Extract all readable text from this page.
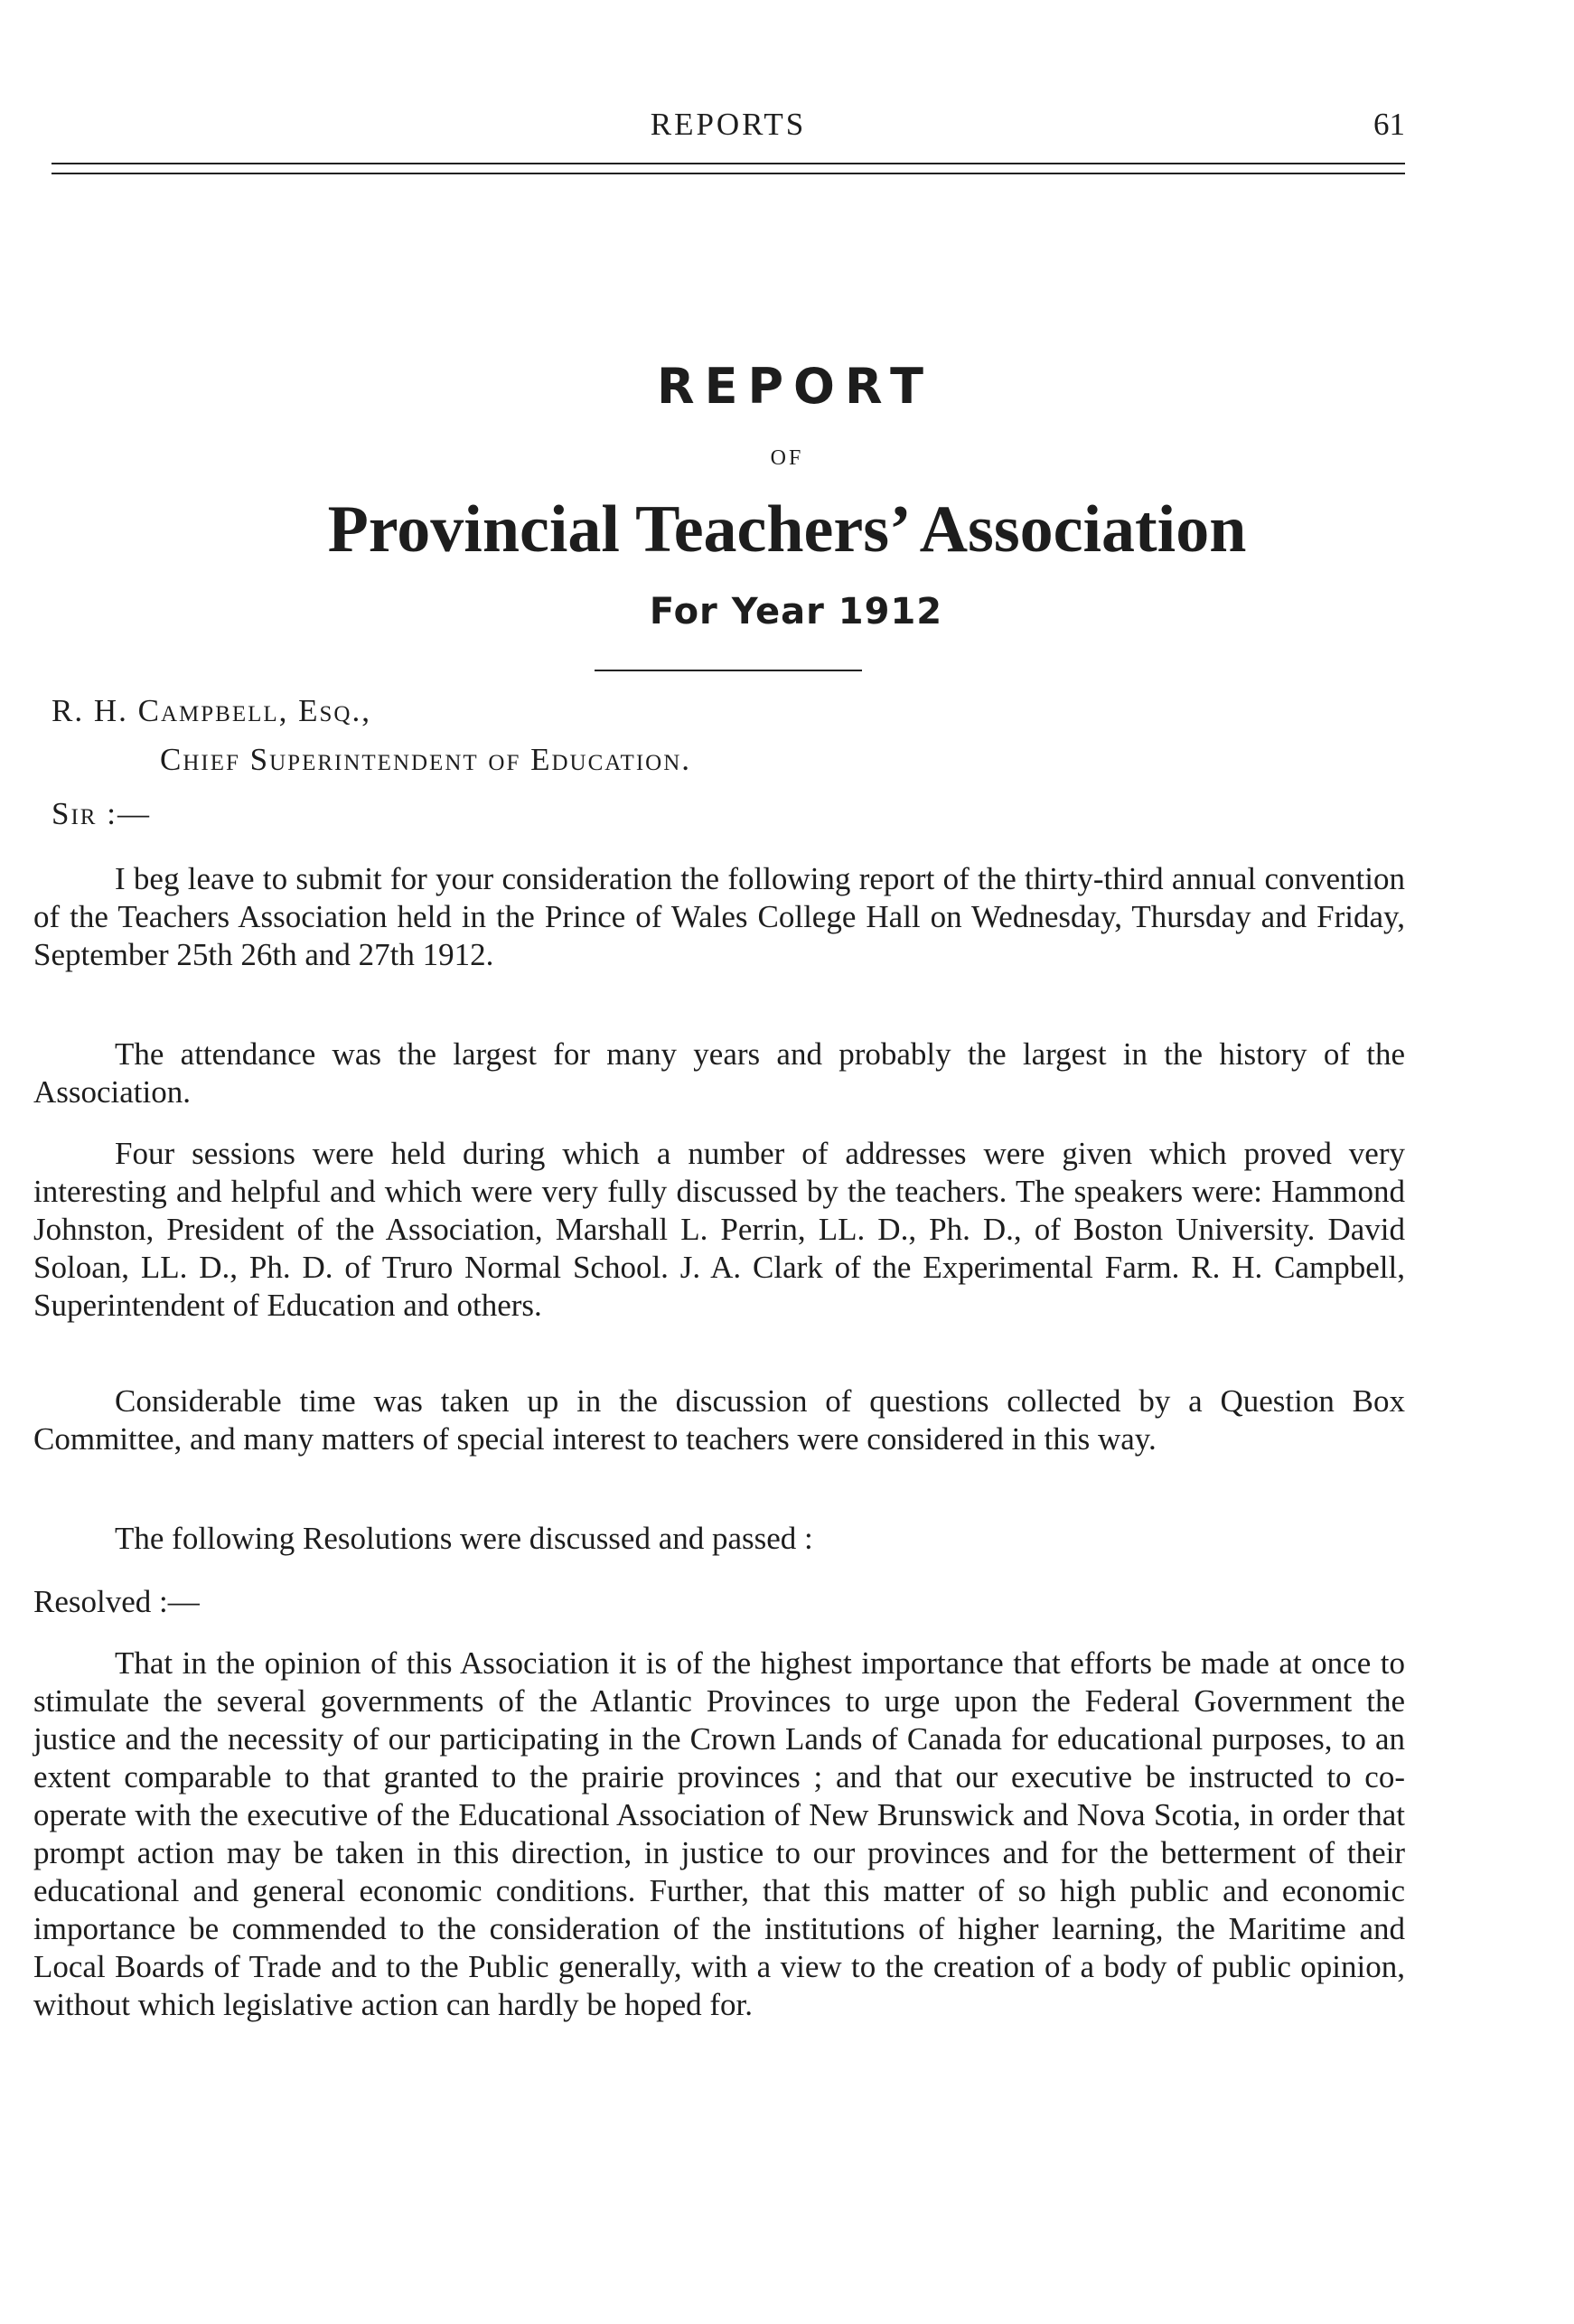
REPORTS	61
REPORT
OF
Provincial Teachers’ Association
For Year 1912
R. H. Campbell, Esq.,
Chief Superintendent of Education.
Sir :—

I beg leave to submit for your consideration the following report of the thirty-third annual convention of the Teachers Association held in the Prince of Wales College Hall on Wednesday, Thursday and Friday, September 25th 26th and 27th 1912.

The attendance was the largest for many years and probably the largest in the history of the Association.

Four sessions were held during which a number of addresses were given which proved very interesting and helpful and which were very fully discussed by the teachers. The speakers were: Hammond Johnston, President of the Association, Marshall L. Perrin, LL. D., Ph. D., of Boston University. David Soloan, LL. D., Ph. D. of Truro Normal School. J. A. Clark of the Experimental Farm. R. H. Campbell, Superintendent of Education and others.

Considerable time was taken up in the discussion of questions collected by a Question Box Committee, and many matters of special interest to teachers were considered in this way.

The following Resolutions were discussed and passed :

Resolved :—

That in the opinion of this Association it is of the highest importance that efforts be made at once to stimulate the several governments of the Atlantic Provinces to urge upon the Federal Government the justice and the necessity of our participating in the Crown Lands of Canada for educational purposes, to an extent comparable to that granted to the prairie provinces ; and that our executive be instructed to co-operate with the executive of the Educational Association of New Brunswick and Nova Scotia, in order that prompt action may be taken in this direction, in justice to our provinces and for the betterment of their educational and general economic conditions. Further, that this matter of so high public and economic importance be commended to the consideration of the institutions of higher learning, the Maritime and Local Boards of Trade and to the Public generally, with a view to the creation of a body of public opinion, without which legislative action can hardly be hoped for.
